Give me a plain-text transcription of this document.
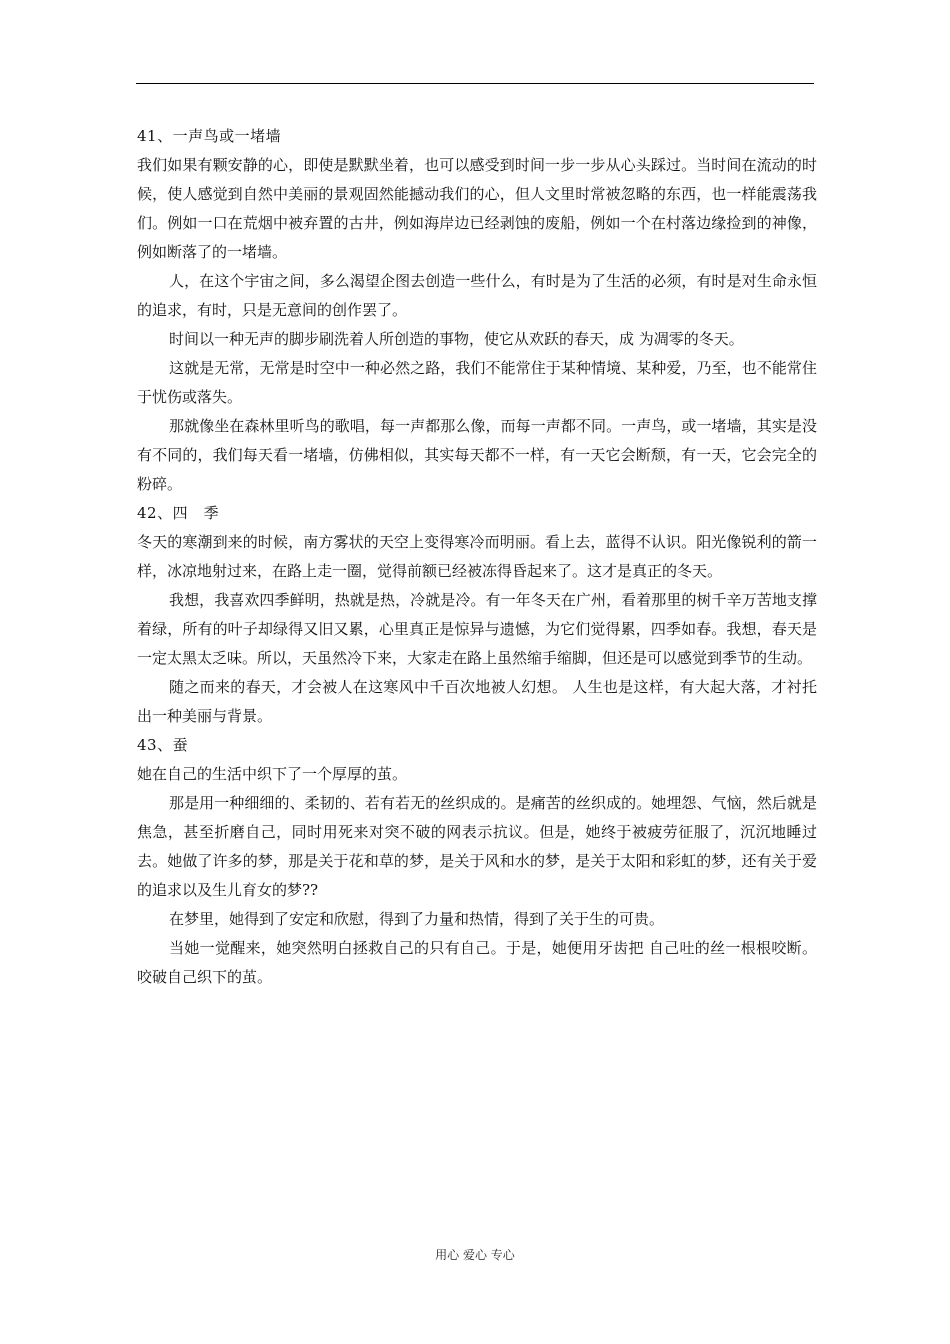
41、一声鸟或一堵墙

我们如果有颗安静的心，即使是默默坐着，也可以感受到时间一步一步从心头踩过。当时间在流动的时候，使人感觉到自然中美丽的景观固然能撼动我们的心，但人文里时常被忽略的东西，也一样能震荡我们。例如一口在荒烟中被弃置的古井，例如海岸边已经剥蚀的废船，例如一个在村落边缘捡到的神像，例如断落了的一堵墙。

人，在这个宇宙之间，多么渴望企图去创造一些什么，有时是为了生活的必须，有时是对生命永恒的追求，有时，只是无意间的创作罢了。

时间以一种无声的脚步刷洗着人所创造的事物，使它从欢跃的春天，成 为凋零的冬天。

这就是无常，无常是时空中一种必然之路，我们不能常住于某种情境、某种爱，乃至，也不能常住于忧伤或落失。

那就像坐在森林里听鸟的歌唱，每一声都那么像，而每一声都不同。一声鸟，或一堵墙，其实是没有不同的，我们每天看一堵墙，仿佛相似，其实每天都不一样，有一天它会断颓，有一天，它会完全的粉碎。

42、四　季

冬天的寒潮到来的时候，南方雾状的天空上变得寒冷而明丽。看上去，蓝得不认识。阳光像锐利的箭一样，冰凉地射过来，在路上走一圈，觉得前额已经被冻得昏起来了。这才是真正的冬天。

我想，我喜欢四季鲜明，热就是热，冷就是冷。有一年冬天在广州，看着那里的树千辛万苦地支撑着绿，所有的叶子却绿得又旧又累，心里真正是惊异与遗憾，为它们觉得累，四季如春。我想，春天是一定太黑太乏味。所以，天虽然冷下来，大家走在路上虽然缩手缩脚，但还是可以感觉到季节的生动。

随之而来的春天，才会被人在这寒风中千百次地被人幻想。 人生也是这样，有大起大落，才衬托出一种美丽与背景。

43、蚕

她在自己的生活中织下了一个厚厚的茧。

那是用一种细细的、柔韧的、若有若无的丝织成的。是痛苦的丝织成的。她埋怨、气恼，然后就是焦急，甚至折磨自己，同时用死来对突不破的网表示抗议。但是，她终于被疲劳征服了，沉沉地睡过去。她做了许多的梦，那是关于花和草的梦，是关于风和水的梦，是关于太阳和彩虹的梦，还有关于爱的追求以及生儿育女的梦??

在梦里，她得到了安定和欣慰，得到了力量和热情，得到了关于生的可贵。

当她一觉醒来，她突然明白拯救自己的只有自己。于是，她便用牙齿把 自己吐的丝一根根咬断。咬破自己织下的茧。

用心 爱心 专心
